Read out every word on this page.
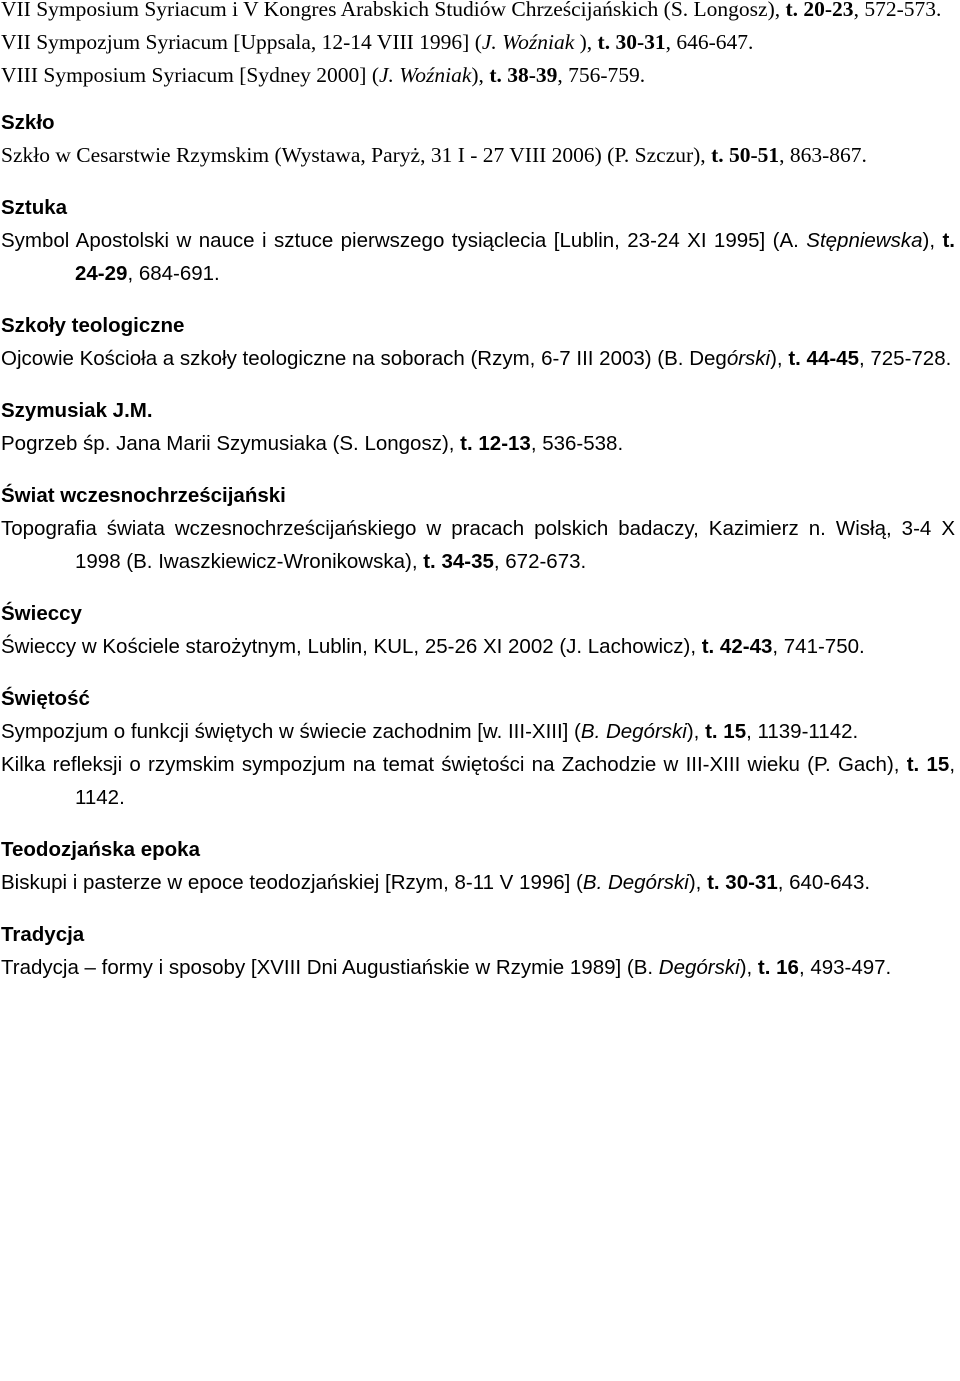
VII Symposium Syriacum i V Kongres Arabskich Studiów Chrześcijańskich (S. Longosz), t. 20-23, 572-573.

VII Sympozjum Syriacum [Uppsala, 12-14 VIII 1996] (J. Woźniak ), t. 30-31, 646-647.

VIII Symposium Syriacum [Sydney 2000] (J. Woźniak), t. 38-39, 756-759.

Szkło

Szkło w Cesarstwie Rzymskim (Wystawa, Paryż, 31 I - 27 VIII 2006) (P. Szczur), t. 50-51, 863-867.

Sztuka

Symbol Apostolski w nauce i sztuce pierwszego tysiąclecia [Lublin, 23-24 XI 1995] (A. Stępniewska), t. 24-29, 684-691.

Szkoły teologiczne

Ojcowie Kościoła a szkoły teologiczne na soborach (Rzym, 6-7 III 2003) (B. Degórski), t. 44-45, 725-728.

Szymusiak J.M.

Pogrzeb śp. Jana Marii Szymusiaka (S. Longosz), t. 12-13, 536-538.

Świat wczesnochrześcijański

Topografia świata wczesnochrześcijańskiego w pracach polskich badaczy, Kazimierz n. Wisłą, 3-4 X 1998 (B. Iwaszkiewicz-Wronikowska), t. 34-35, 672-673.

Świeccy

Świeccy w Kościele starożytnym, Lublin, KUL, 25-26 XI 2002 (J. Lachowicz), t. 42-43, 741-750.

Świętość

Sympozjum o funkcji świętych w świecie zachodnim [w. III-XIII] (B. Degórski), t. 15, 1139-1142.

Kilka refleksji o rzymskim sympozjum na temat świętości na Zachodzie w III-XIII wieku (P. Gach), t. 15, 1142.

Teodozjańska epoka

Biskupi i pasterze w epoce teodozjańskiej [Rzym, 8-11 V 1996] (B. Degórski), t. 30-31, 640-643.

Tradycja

Tradycja – formy i sposoby [XVIII Dni Augustiańskie w Rzymie 1989] (B. Degórski), t. 16, 493-497.
